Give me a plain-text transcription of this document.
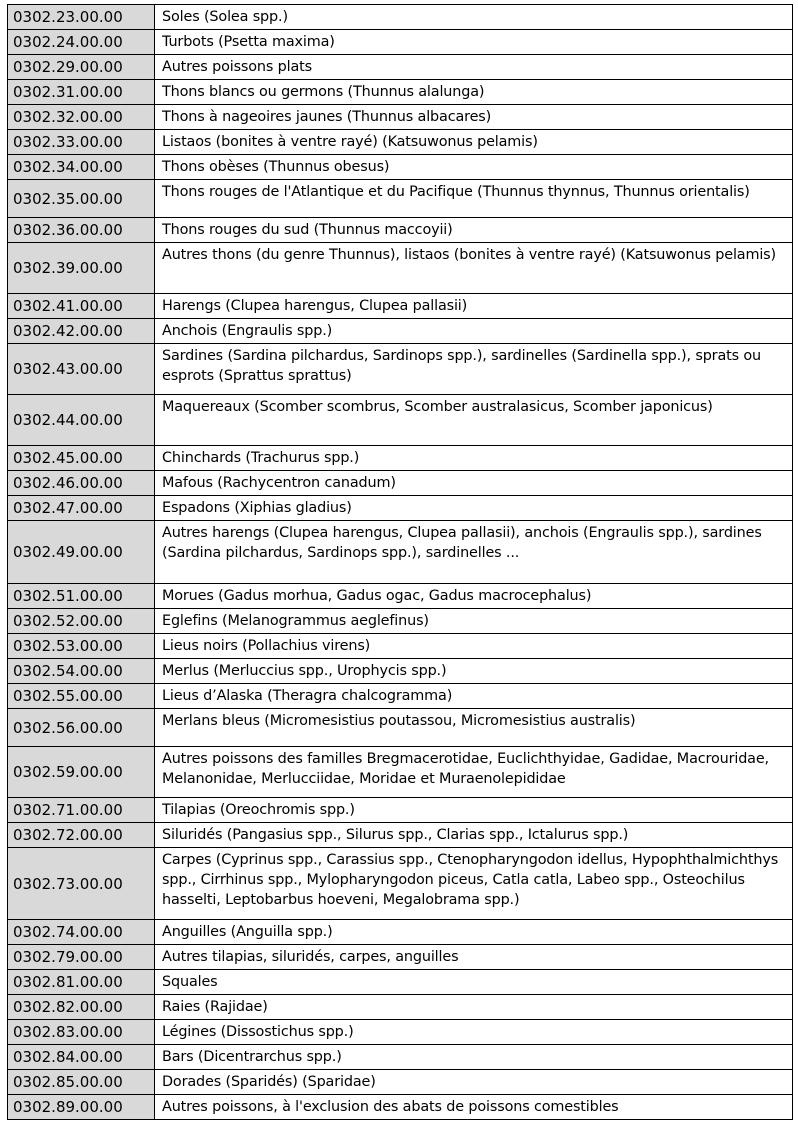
0302.23.00.00	Soles (Solea spp.)
0302.24.00.00	Turbots (Psetta maxima)
0302.29.00.00	Autres poissons plats
0302.31.00.00	Thons blancs ou germons (Thunnus alalunga)
0302.32.00.00	Thons à nageoires jaunes (Thunnus albacares)
0302.33.00.00	Listaos (bonites à ventre rayé) (Katsuwonus pelamis)
0302.34.00.00	Thons obèses (Thunnus obesus)
0302.35.00.00	Thons rouges de l'Atlantique et du Pacifique (Thunnus thynnus, Thunnus orientalis)
0302.36.00.00	Thons rouges du sud (Thunnus maccoyii)
0302.39.00.00	Autres thons (du genre Thunnus), listaos (bonites à ventre rayé) (Katsuwonus pelamis)
0302.41.00.00	Harengs (Clupea harengus, Clupea pallasii)
0302.42.00.00	Anchois (Engraulis spp.)
0302.43.00.00	Sardines (Sardina pilchardus, Sardinops spp.), sardinelles (Sardinella spp.), sprats ou esprots (Sprattus sprattus)
0302.44.00.00	Maquereaux (Scomber scombrus, Scomber australasicus, Scomber japonicus)
0302.45.00.00	Chinchards (Trachurus spp.)
0302.46.00.00	Mafous (Rachycentron canadum)
0302.47.00.00	Espadons (Xiphias gladius)
0302.49.00.00	Autres harengs (Clupea harengus, Clupea pallasii), anchois (Engraulis spp.), sardines (Sardina pilchardus, Sardinops spp.), sardinelles ...
0302.51.00.00	Morues (Gadus morhua, Gadus ogac, Gadus macrocephalus)
0302.52.00.00	Eglefins (Melanogrammus aeglefinus)
0302.53.00.00	Lieus noirs (Pollachius virens)
0302.54.00.00	Merlus (Merluccius spp., Urophycis spp.)
0302.55.00.00	Lieus d’Alaska (Theragra chalcogramma)
0302.56.00.00	Merlans bleus (Micromesistius poutassou, Micromesistius australis)
0302.59.00.00	Autres poissons des familles Bregmacerotidae, Euclichthyidae, Gadidae, Macrouridae, Melanonidae, Merlucciidae, Moridae et Muraenolepididae
0302.71.00.00	Tilapias (Oreochromis spp.)
0302.72.00.00	Siluridés (Pangasius spp., Silurus spp., Clarias spp., Ictalurus spp.)
0302.73.00.00	Carpes (Cyprinus spp., Carassius spp., Ctenopharyngodon idellus, Hypophthalmichthys spp., Cirrhinus spp., Mylopharyngodon piceus, Catla catla, Labeo spp., Osteochilus hasselti, Leptobarbus hoeveni, Megalobrama spp.)
0302.74.00.00	Anguilles (Anguilla spp.)
0302.79.00.00	Autres tilapias, siluridés, carpes, anguilles
0302.81.00.00	Squales
0302.82.00.00	Raies (Rajidae)
0302.83.00.00	Légines (Dissostichus spp.)
0302.84.00.00	Bars (Dicentrarchus spp.)
0302.85.00.00	Dorades (Sparidés) (Sparidae)
0302.89.00.00	Autres poissons, à l'exclusion des abats de poissons comestibles
